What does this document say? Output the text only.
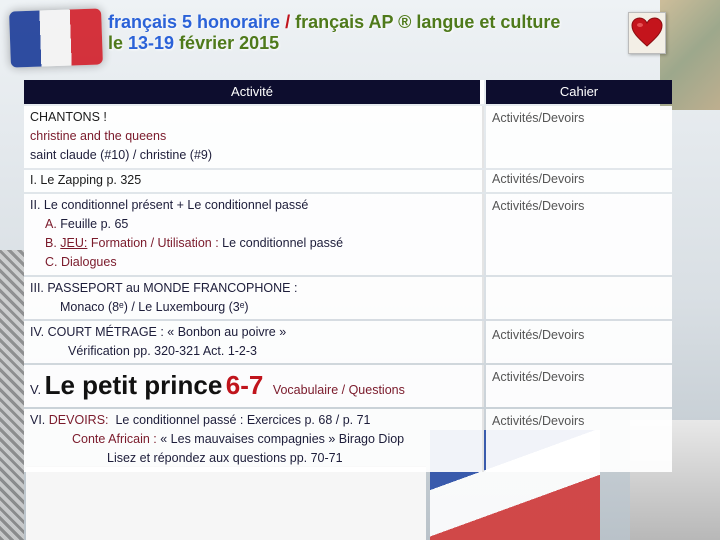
français 5 honoraire / français AP ® langue et culture
le 13-19 février 2015
Activité	Cahier
CHANTONS !
christine and the queens
saint claude (#10) / christine (#9)
Activités/Devoirs
I. Le Zapping p. 325	Activités/Devoirs
II. Le conditionnel présent + Le conditionnel passé
A. Feuille p. 65
B. JEU: Formation / Utilisation : Le conditionnel passé
C. Dialogues
Activités/Devoirs
III. PASSEPORT au MONDE FRANCOPHONE :
Monaco (8ᵉ) / Le Luxembourg (3ᵉ)
IV. COURT MÉTRAGE : « Bonbon au poivre »
Vérification pp. 320-321 Act. 1-2-3
Activités/Devoirs
V. Le petit prince 6-7 Vocabulaire / Questions
Activités/Devoirs
VI. DEVOIRS: Le conditionnel passé : Exercices p. 68 / p. 71
Conte Africain : « Les mauvaises compagnies » Birago Diop
Lisez et répondez aux questions pp. 70-71
Activités/Devoirs
